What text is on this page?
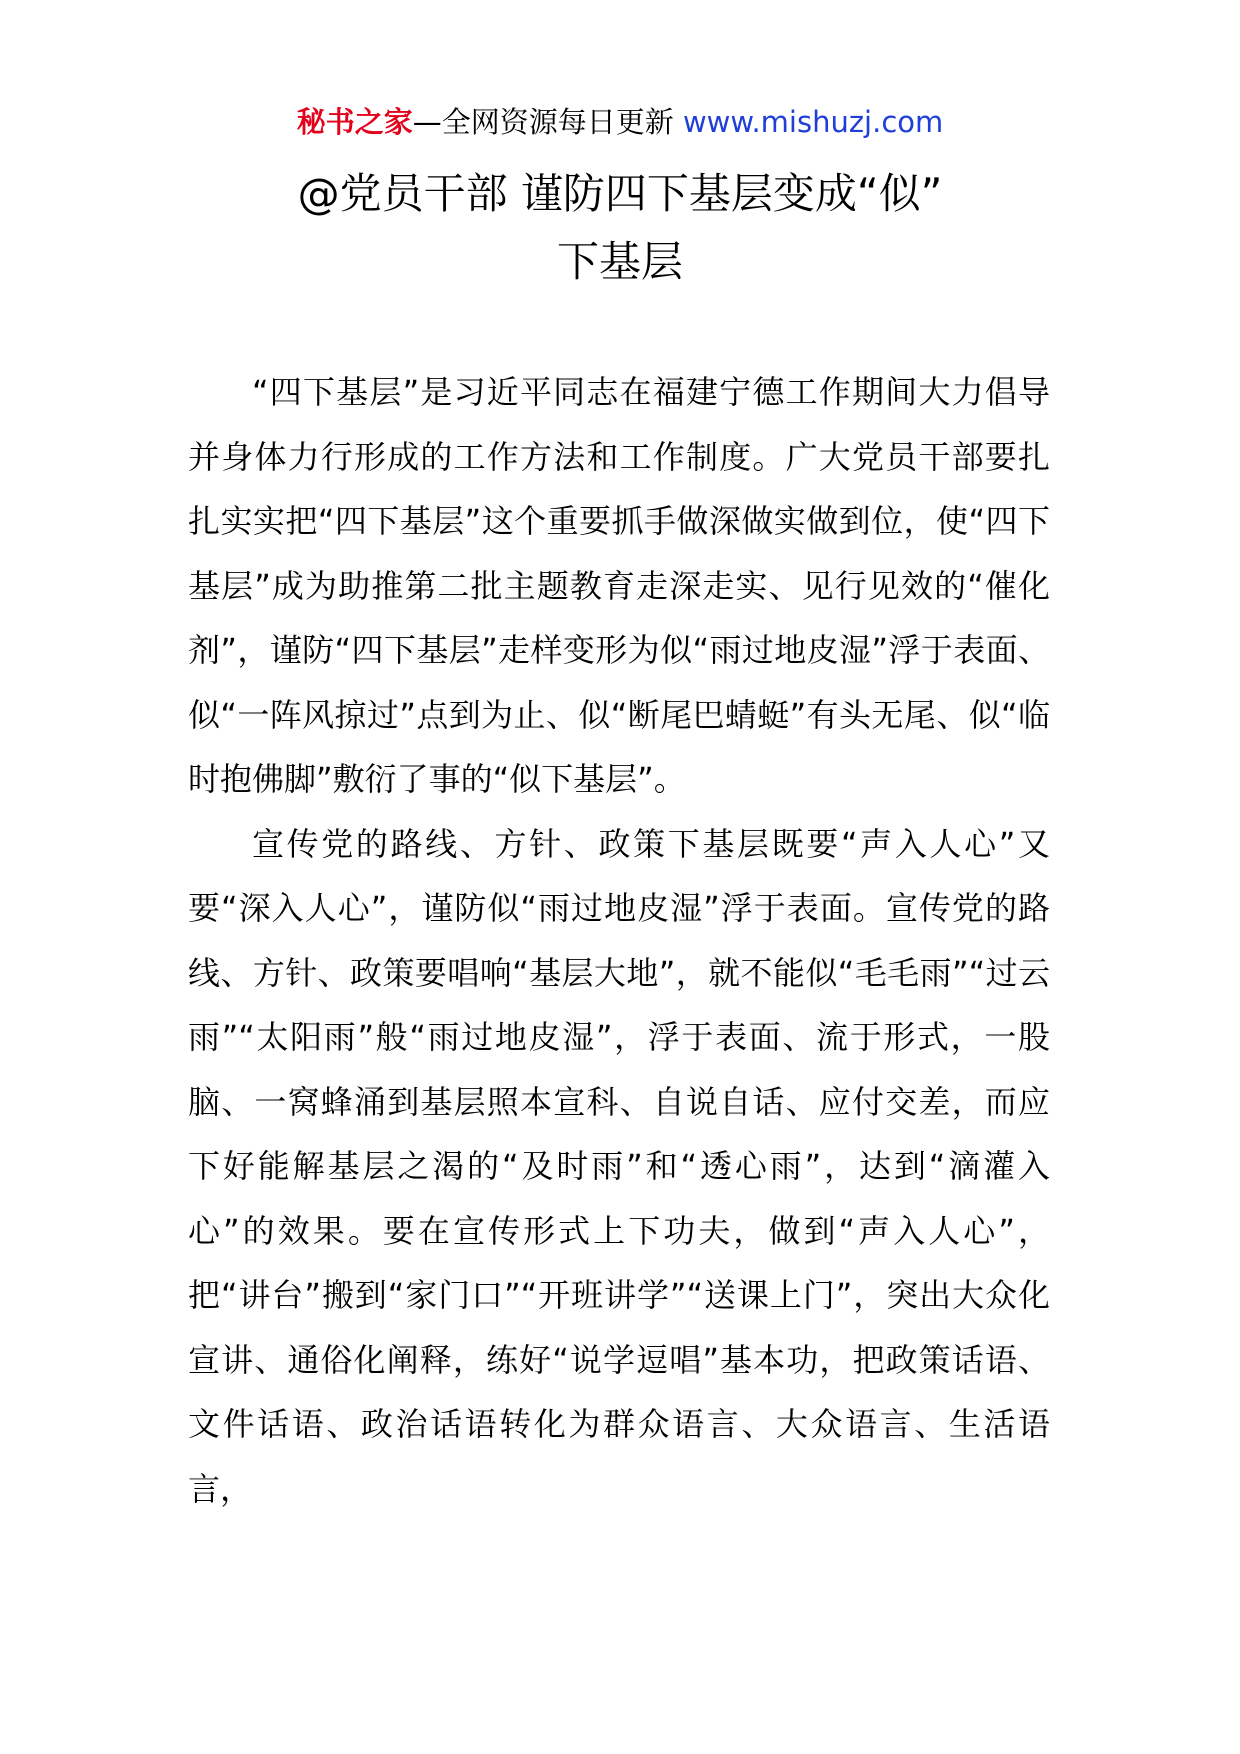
秘书之家—全网资源每日更新 www.mishuzj.com
@党员干部 谨防四下基层变成“似”
下基层

“四下基层”是习近平同志在福建宁德工作期间大力倡导并身体力行形成的工作方法和工作制度。广大党员干部要扎扎实实把“四下基层”这个重要抓手做深做实做到位，使“四下基层”成为助推第二批主题教育走深走实、见行见效的“催化剂”，谨防“四下基层”走样变形为似“雨过地皮湿”浮于表面、似“一阵风掠过”点到为止、似“断尾巴蜻蜓”有头无尾、似“临时抱佛脚”敷衍了事的“似下基层”。

宣传党的路线、方针、政策下基层既要“声入人心”又要“深入人心”，谨防似“雨过地皮湿”浮于表面。宣传党的路线、方针、政策要唱响“基层大地”，就不能似“毛毛雨”“过云雨”“太阳雨”般“雨过地皮湿”，浮于表面、流于形式，一股脑、一窝蜂涌到基层照本宣科、自说自话、应付交差，而应下好能解基层之渴的“及时雨”和“透心雨”，达到“滴灌入心”的效果。要在宣传形式上下功夫，做到“声入人心”，把“讲台”搬到“家门口”“开班讲学”“送课上门”，突出大众化宣讲、通俗化阐释，练好“说学逗唱”基本功，把政策话语、文件话语、政治话语转化为群众语言、大众语言、生活语言，
